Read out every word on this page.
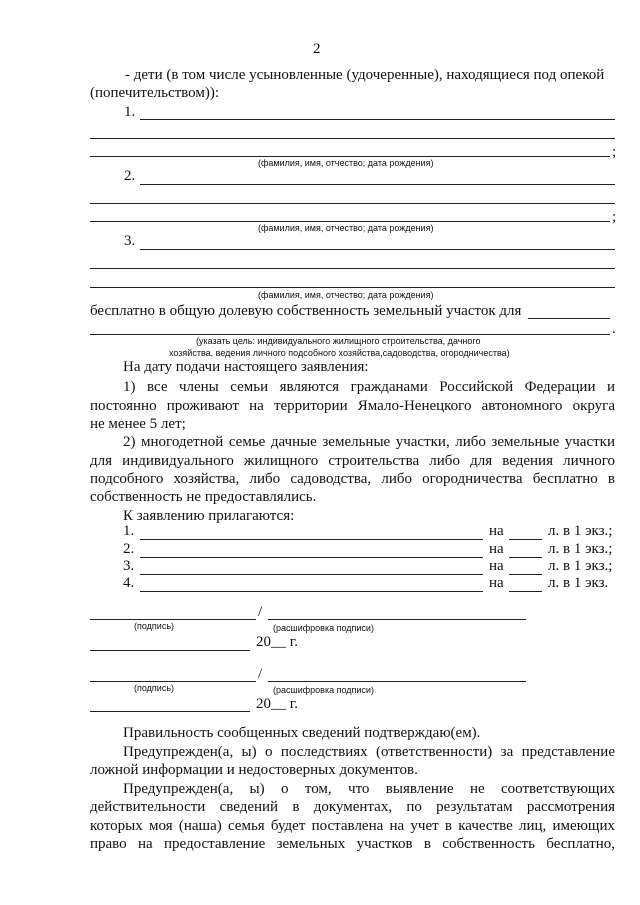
2
- дети (в том числе усыновленные (удочеренные), находящиеся под опекой
(попечительством)):
1.
;
(фамилия, имя, отчество; дата рождения)
2.
;
(фамилия, имя, отчество; дата рождения)
3.
(фамилия, имя, отчество; дата рождения)
бесплатно в общую долевую собственность земельный участок для
.
(указать цель: индивидуального жилищного строительства, дачного
хозяйства, ведения личного подсобного хозяйства,садоводства, огородничества)
На дату подачи настоящего заявления:
1) все члены семьи являются гражданами Российской Федерации и
постоянно проживают на территории Ямало-Ненецкого автономного округа
не менее 5 лет;
2) многодетной семье дачные земельные участки, либо земельные участки
для индивидуального жилищного строительства либо для ведения личного
подсобного хозяйства, либо садоводства, либо огородничества бесплатно в
собственность не предоставлялись.
К заявлению прилагаются:
1.	на	л. в 1 экз.;
2.	на	л. в 1 экз.;
3.	на	л. в 1 экз.;
4.	на	л. в 1 экз.
/
(подпись)	(расшифровка подписи)
20__ г.
/
(подпись)	(расшифровка подписи)
20__ г.
Правильность сообщенных сведений подтверждаю(ем).
Предупрежден(а, ы) о последствиях (ответственности) за представление
ложной информации и недостоверных документов.
Предупрежден(а, ы) о том, что выявление не соответствующих
действительности сведений в документах, по результатам рассмотрения
которых моя (наша) семья будет поставлена на учет в качестве лиц, имеющих
право на предоставление земельных участков в собственность бесплатно,
